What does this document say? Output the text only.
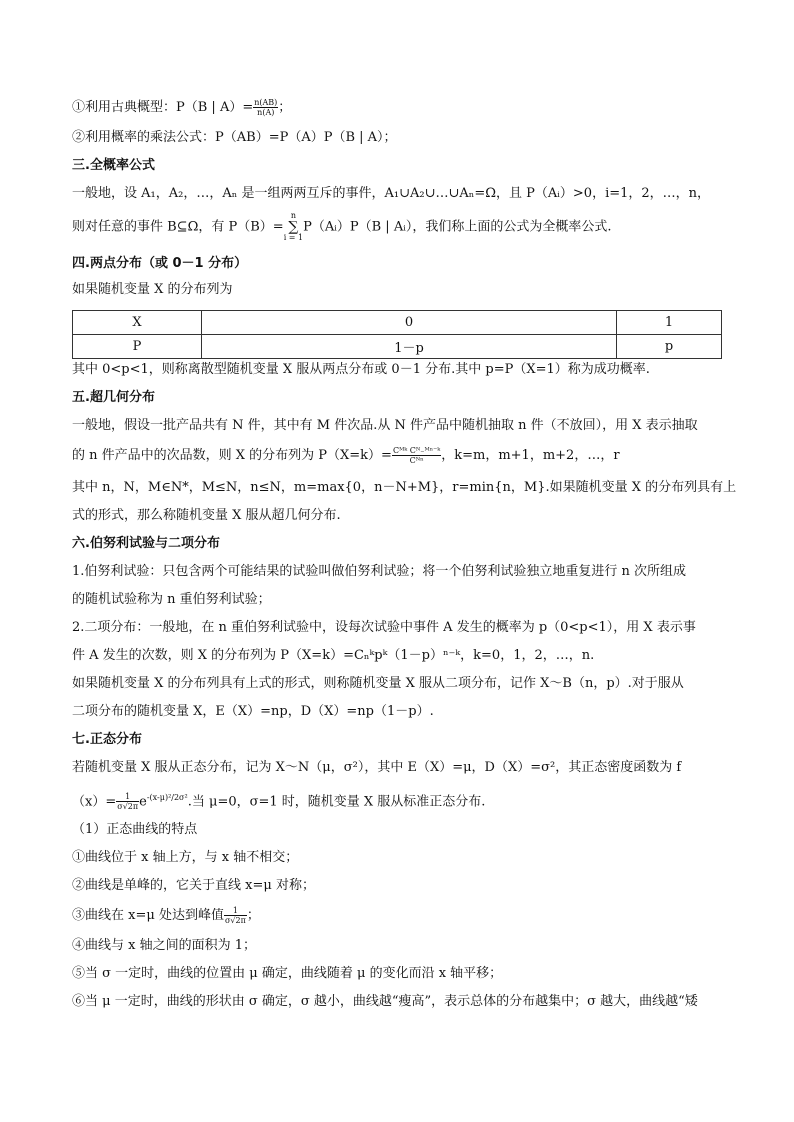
①利用古典概型：P（B | $A)= \frac{n(AB)}{n(A)}$ ；
②利用概率的乘法公式：P（AB）=P（A）P（B | A）；
三.全概率公式
一般地，设 A₁，A₂，…，Aₙ 是一组两两互斥的事件，A₁∪A₂∪…∪Aₙ=Ω，且 P（Aᵢ）>0，i=1，2，…，n，
则对任意的事件 B⊆Ω，有 P（B）=n
∑
i = 1P（Aᵢ）P（B | Aᵢ），我们称上面的公式为全概率公式.
四.两点分布（或 0－1 分布）
如果随机变量 X 的分布列为
X	0	1
P	1－p	p
其中 0<p<1，则称离散型随机变量 X 服从两点分布或 0－1 分布.其中 p=P（X=1）称为成功概率.
五.超几何分布
一般地，假设一批产品共有 N 件，其中有 M 件次品.从 N 件产品中随机抽取 n 件（不放回），用 X 表示抽取
的 n 件产品中的次品数，则 X 的分布列为 $P(X=k)= \frac{\text{Cᴹᵏ Cᴺ₋ᴹⁿ⁻ᵏ}}{\text{Cᴺⁿ}}$ ，k=m，m+1，m+2，…，r
其中 n，N，M∈N*，M≤N，n≤N，m=max{0，n－N+M}，r=min{n，M}.如果随机变量 X 的分布列具有上
式的形式，那么称随机变量 X 服从超几何分布.
六.伯努利试验与二项分布
1.伯努利试验：只包含两个可能结果的试验叫做伯努利试验；将一个伯努利试验独立地重复进行 n 次所组成
的随机试验称为 n 重伯努利试验；
2.二项分布：一般地，在 n 重伯努利试验中，设每次试验中事件 A 发生的概率为 p（0<p<1），用 X 表示事
件 A 发生的次数，则 X 的分布列为 P（X=k）=Cₙᵏpᵏ（1－p）ⁿ⁻ᵏ，k=0，1，2，…，n.
如果随机变量 X 的分布列具有上式的形式，则称随机变量 X 服从二项分布，记作 X～B（n，p）.对于服从
二项分布的随机变量 X，E（X）=np，D（X）=np（1－p）.
七.正态分布
若随机变量 X 服从正态分布，记为 X～N（μ，σ²），其中 E（X）=μ，D（X）=σ²，其正态密度函数为 f
$(x)= \frac{1}{\sigma√2\pi} e^{-(x-\mu)^2/2\sigma^2}$.当 μ=0，σ=1 时，随机变量 X 服从标准正态分布.
（1）正态曲线的特点
①曲线位于 x 轴上方，与 x 轴不相交；
②曲线是单峰的，它关于直线 x=μ 对称；
③曲线在 x=μ 处达到峰值 $\frac{1}{\sigma√2\pi}$ ；
④曲线与 x 轴之间的面积为 1；
⑤当 σ 一定时，曲线的位置由 μ 确定，曲线随着 μ 的变化而沿 x 轴平移；
⑥当 μ 一定时，曲线的形状由 σ 确定，σ 越小，曲线越“瘦高”，表示总体的分布越集中；σ 越大，曲线越“矮
